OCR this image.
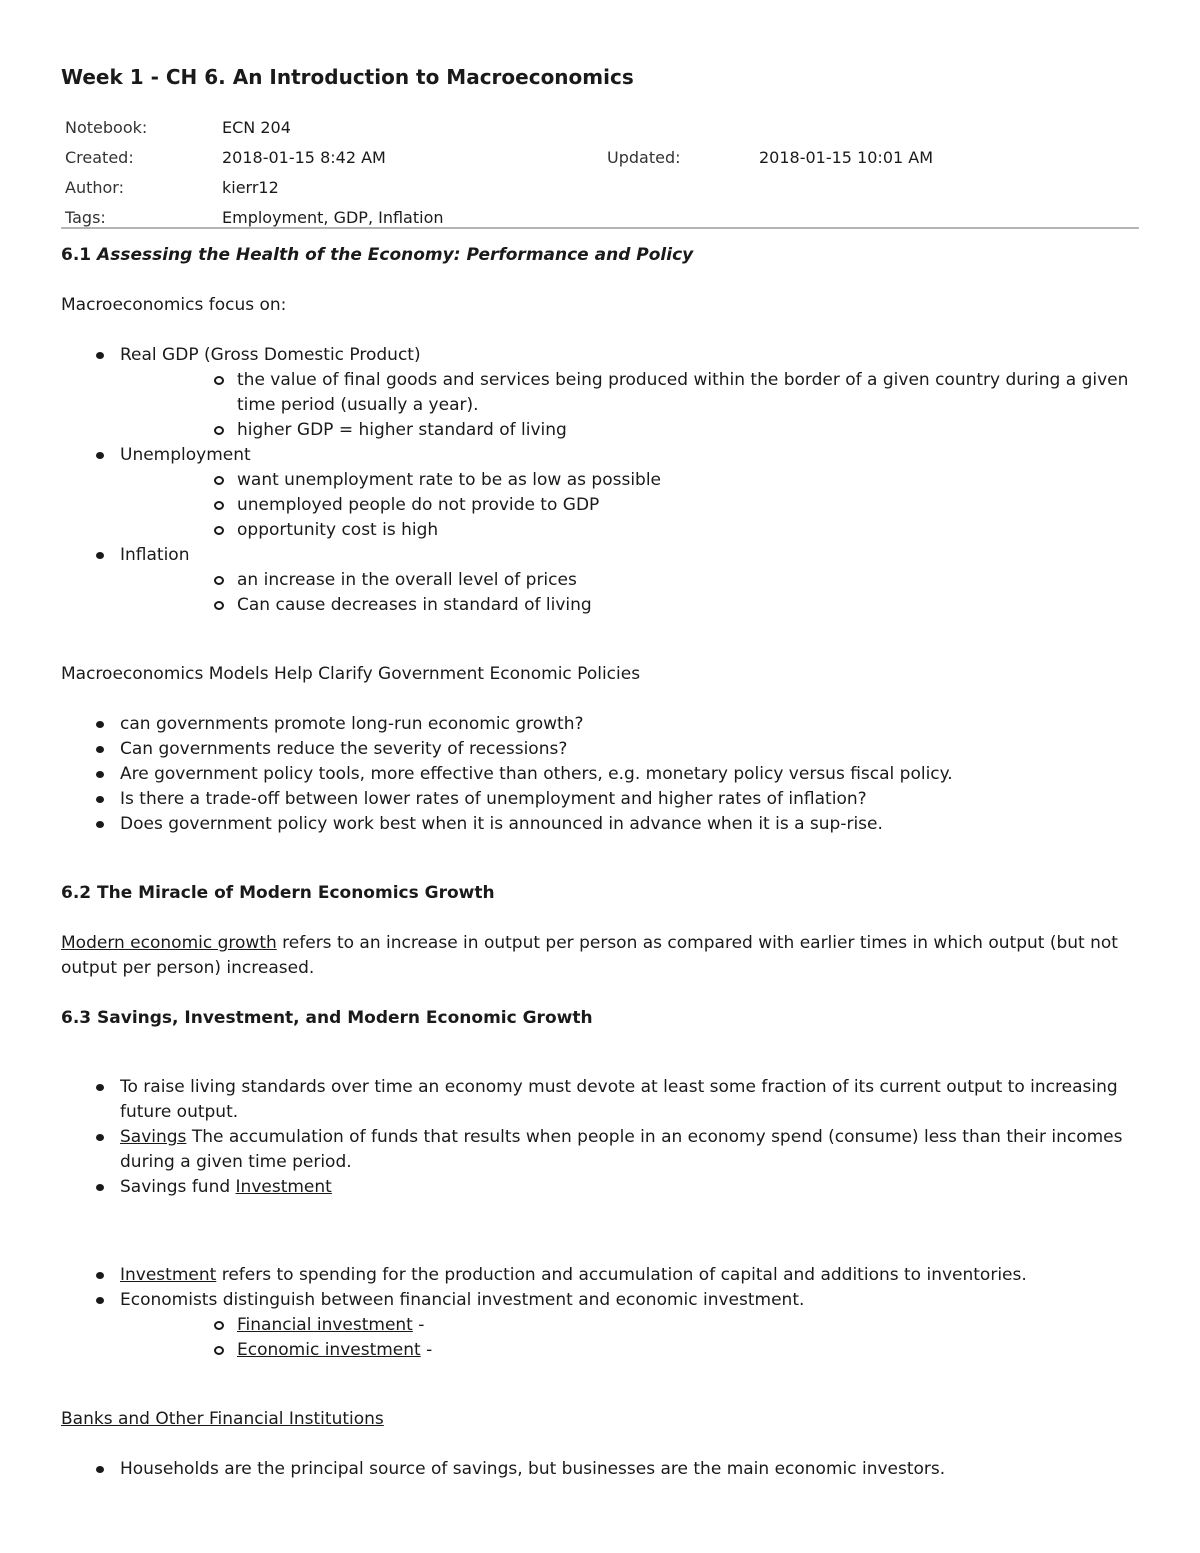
Week 1 - CH 6. An Introduction to Macroeconomics
Notebook:	ECN 204		
Created:	2018-01-15 8:42 AM	Updated:	2018-01-15 10:01 AM
Author:	kierr12		
Tags:	Employment, GDP, Inflation		
6.1 Assessing the Health of the Economy: Performance and Policy

Macroeconomics focus on:

Real GDP (Gross Domestic Product)
the value of final goods and services being produced within the border of a given country during a given time period (usually a year).
higher GDP = higher standard of living
Unemployment
want unemployment rate to be as low as possible
unemployed people do not provide to GDP
opportunity cost is high
Inflation
an increase in the overall level of prices
Can cause decreases in standard of living

Macroeconomics Models Help Clarify Government Economic Policies

can governments promote long-run economic growth?
Can governments reduce the severity of recessions?
Are government policy tools, more effective than others, e.g. monetary policy versus fiscal policy.
Is there a trade-off between lower rates of unemployment and higher rates of inflation?
Does government policy work best when it is announced in advance when it is a sup-rise.
6.2 The Miracle of Modern Economics Growth

Modern economic growth refers to an increase in output per person as compared with earlier times in which output (but not output per person) increased.

6.3 Savings, Investment, and Modern Economic Growth
To raise living standards over time an economy must devote at least some fraction of its current output to increasing future output.
Savings The accumulation of funds that results when people in an economy spend (consume) less than their incomes during a given time period.
Savings fund Investment
Investment refers to spending for the production and accumulation of capital and additions to inventories.
Economists distinguish between financial investment and economic investment.
Financial investment -
Economic investment -

Banks and Other Financial Institutions

Households are the principal source of savings, but businesses are the main economic investors.
